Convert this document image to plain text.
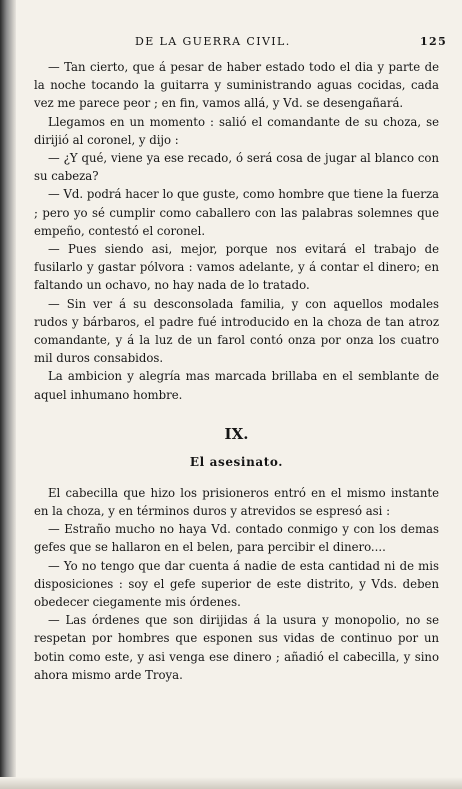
DE LA GUERRA CIVIL.	125

— Tan cierto, que á pesar de haber estado todo el dia y parte de la noche tocando la guitarra y suministrando aguas cocidas, cada vez me parece peor ; en fin, vamos allá, y Vd. se desengañará.

Llegamos en un momento : salió el comandante de su choza, se dirijió al coronel, y dijo :

— ¿Y qué, viene ya ese recado, ó será cosa de jugar al blanco con su cabeza?

— Vd. podrá hacer lo que guste, como hombre que tiene la fuerza ; pero yo sé cumplir como caballero con las palabras solemnes que empeño, contestó el coronel.

— Pues siendo asi, mejor, porque nos evitará el trabajo de fusilarlo y gastar pólvora : vamos adelante, y á contar el dinero; en faltando un ochavo, no hay nada de lo tratado.

— Sin ver á su desconsolada familia, y con aquellos modales rudos y bárbaros, el padre fué introducido en la choza de tan atroz comandante, y á la luz de un farol contó onza por onza los cuatro mil duros consabidos.

La ambicion y alegría mas marcada brillaba en el semblante de aquel inhumano hombre.

IX.
El asesinato.

El cabecilla que hizo los prisioneros entró en el mismo instante en la choza, y en términos duros y atrevidos se espresó asi :

— Estraño mucho no haya Vd. contado conmigo y con los demas gefes que se hallaron en el belen, para percibir el dinero....

— Yo no tengo que dar cuenta á nadie de esta cantidad ni de mis disposiciones : soy el gefe superior de este distrito, y Vds. deben obedecer ciegamente mis órdenes.

— Las órdenes que son dirijidas á la usura y monopolio, no se respetan por hombres que esponen sus vidas de continuo por un botin como este, y asi venga ese dinero ; añadió el cabecilla, y sino ahora mismo arde Troya.
